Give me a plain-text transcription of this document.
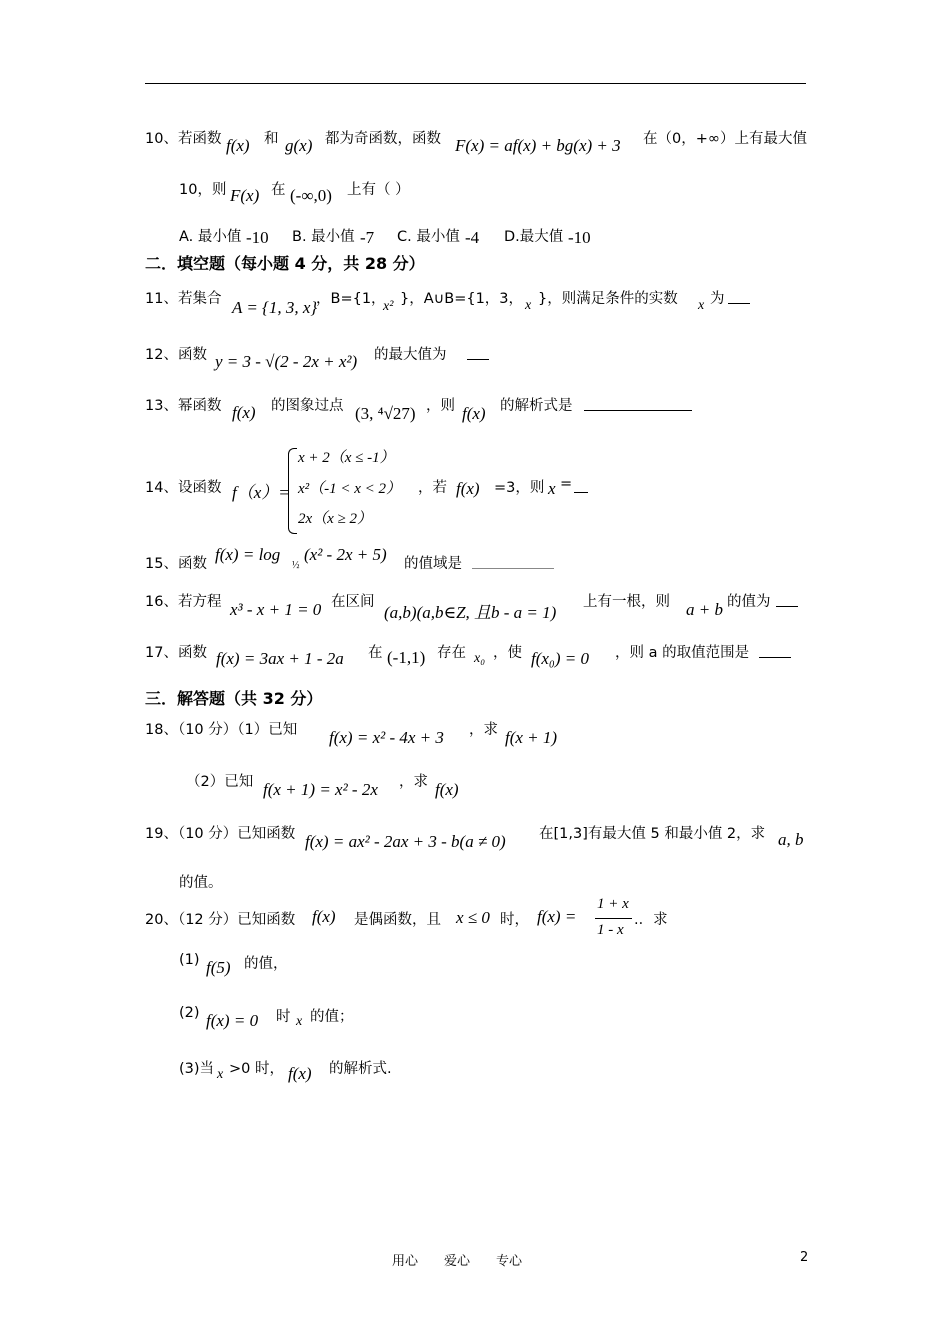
10、若函数 f(x) 和 g(x) 都为奇函数，函数 F(x) = af(x) + bg(x) + 3 在（0，+∞）上有最大值
10，则 F(x) 在 (-∞,0) 上有（ ）
A. 最小值 -10 B. 最小值 -7 C. 最小值 -4 D.最大值 -10
二．填空题（每小题 4 分，共 28 分）
11、若集合 A = {1, 3, x}
，B={1，
x² }，A∪B={1，3， x }，则满足条件的实数 x 为
12、函数 y = 3 - √(2 - 2x + x²) 的最大值为
13、幂函数 f(x) 的图象过点 (3, ⁴√27) ，则 f(x) 的解析式是
14、设函数 f（x）=
x + 2（x ≤ -1）
x²（-1 < x < 2）
2x（x ≥ 2）
，若 f(x) =3，则 x =
15、函数 f(x) = log
½
(x² - 2x + 5) 的值域是
16、若方程 x³ - x + 1 = 0 在区间
(a,b)(a,b∈Z, 且b - a = 1)
上有一根，则 a + b 的值为
17、函数 f(x) = 3ax + 1 - 2a 在 (-1,1) 存在 x₀ ，使 f(x₀) = 0 ，则 a 的取值范围是
三．解答题（共 32 分）
18、（10 分）（1）已知 f(x) = x² - 4x + 3 ，求 f(x + 1)
（2）已知 f(x + 1) = x² - 2x ，求 f(x)
19、（10 分）已知函数 f(x) = ax² - 2ax + 3 - b(a ≠ 0) 在[1,3]有最大值 5 和最小值 2，求 a, b
的值。
20、（12 分）已知函数 f(x) 是偶函数，且 x ≤ 0 时， f(x) =
1 + x
1 - x
.．求
(1) f(5) 的值，
(2) f(x) = 0 时 x 的值；
(3)当 x >0 时， f(x) 的解析式.
用心　　爱心　　专心	2
